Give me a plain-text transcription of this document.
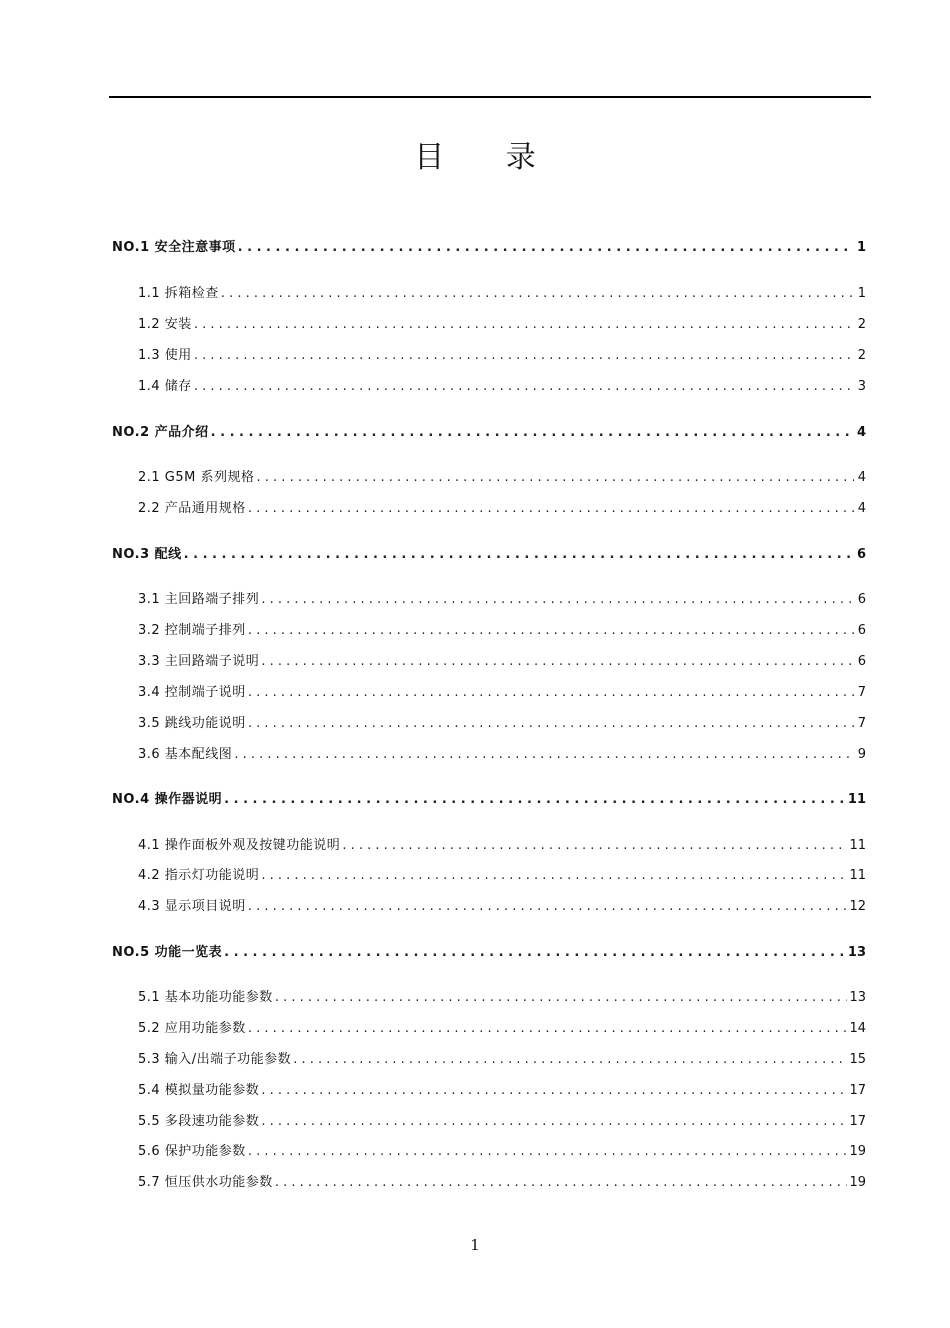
目 录
NO.1 安全注意事项 . . .	1
1.1 拆箱检查 . . .	1
1.2 安装 . . .	2
1.3 使用 . . .	2
1.4 储存 . . .	3
NO.2 产品介绍 . . .	4
2.1 G5M 系列规格 . . .	4
2.2 产品通用规格 . . .	4
NO.3 配线 . . .	6
3.1 主回路端子排列 . . .	6
3.2 控制端子排列 . . .	6
3.3 主回路端子说明 . . .	6
3.4 控制端子说明 . . .	7
3.5 跳线功能说明 . . .	7
3.6 基本配线图 . . .	9
NO.4 操作器说明 . . .	11
4.1 操作面板外观及按键功能说明 . . .	11
4.2 指示灯功能说明 . . .	11
4.3 显示项目说明 . . .	12
NO.5 功能一览表 . . .	13
5.1 基本功能功能参数 . . .	13
5.2 应用功能参数 . . .	14
5.3 输入/出端子功能参数 . . .	15
5.4 模拟量功能参数 . . .	17
5.5 多段速功能参数 . . .	17
5.6 保护功能参数 . . .	19
5.7 恒压供水功能参数 . . .	19
1
